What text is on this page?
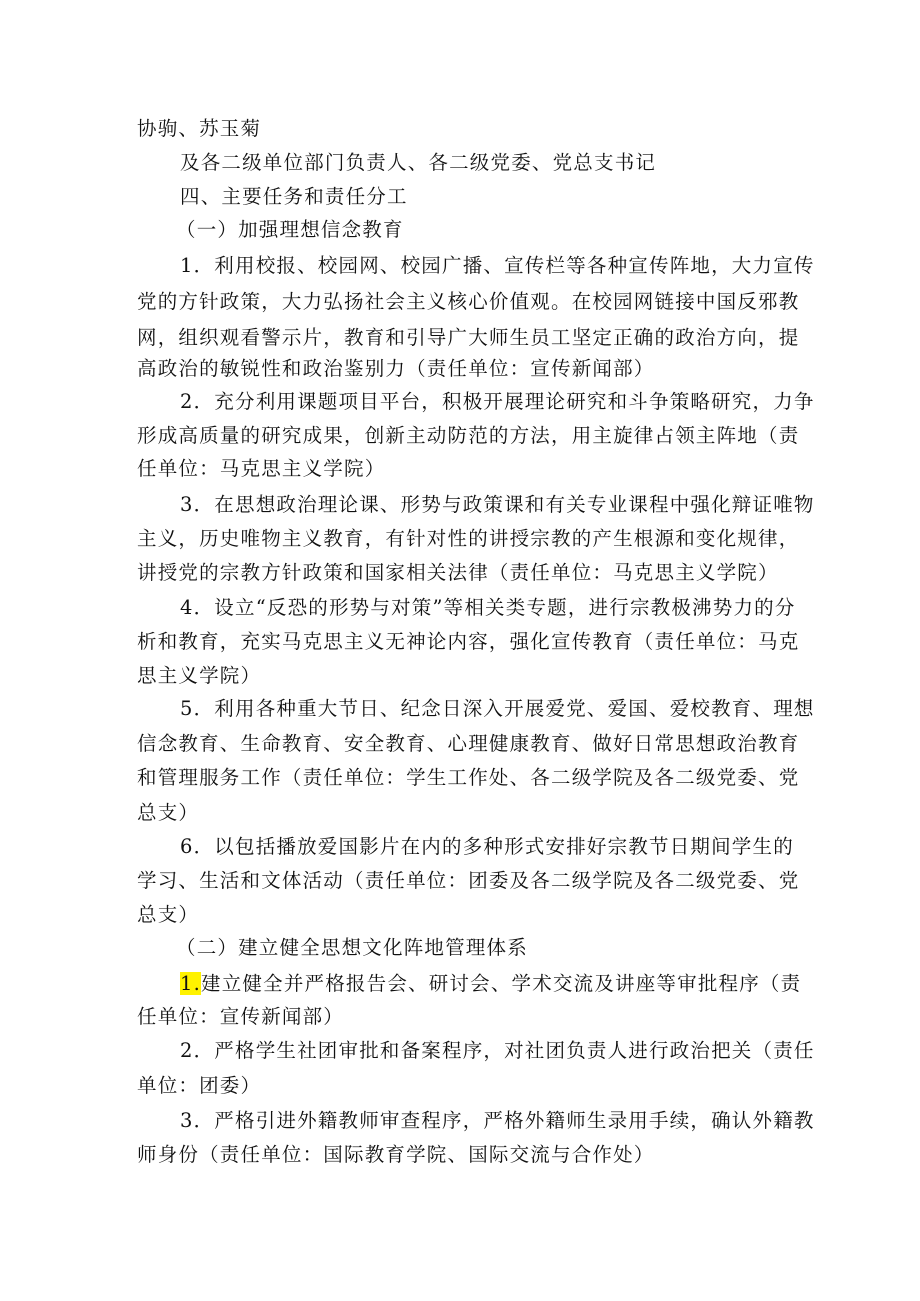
协驹、苏玉菊
及各二级单位部门负责人、各二级党委、党总支书记
四、主要任务和责任分工
（一）加强理想信念教育
1．利用校报、校园网、校园广播、宣传栏等各种宣传阵地，大力宣传
党的方针政策，大力弘扬社会主义核心价值观。在校园网链接中国反邪教
网，组织观看警示片，教育和引导广大师生员工坚定正确的政治方向，提
高政治的敏锐性和政治鉴别力（责任单位：宣传新闻部）
2．充分利用课题项目平台，积极开展理论研究和斗争策略研究，力争
形成高质量的研究成果，创新主动防范的方法，用主旋律占领主阵地（责
任单位：马克思主义学院）
3．在思想政治理论课、形势与政策课和有关专业课程中强化辩证唯物
主义，历史唯物主义教育，有针对性的讲授宗教的产生根源和变化规律，
讲授党的宗教方针政策和国家相关法律（责任单位：马克思主义学院）
4．设立“反恐的形势与对策”等相关类专题，进行宗教极沸势力的分
析和教育，充实马克思主义无神论内容，强化宣传教育（责任单位：马克
思主义学院）
5．利用各种重大节日、纪念日深入开展爱党、爱国、爱校教育、理想
信念教育、生命教育、安全教育、心理健康教育、做好日常思想政治教育
和管理服务工作（责任单位：学生工作处、各二级学院及各二级党委、党
总支）
6．以包括播放爱国影片在内的多种形式安排好宗教节日期间学生的
学习、生活和文体活动（责任单位：团委及各二级学院及各二级党委、党
总支）
（二）建立健全思想文化阵地管理体系
1.建立健全并严格报告会、研讨会、学术交流及讲座等审批程序（责
任单位：宣传新闻部）
2．严格学生社团审批和备案程序，对社团负责人进行政治把关（责任
单位：团委）
3．严格引进外籍教师审查程序，严格外籍师生录用手续，确认外籍教
师身份（责任单位：国际教育学院、国际交流与合作处）
